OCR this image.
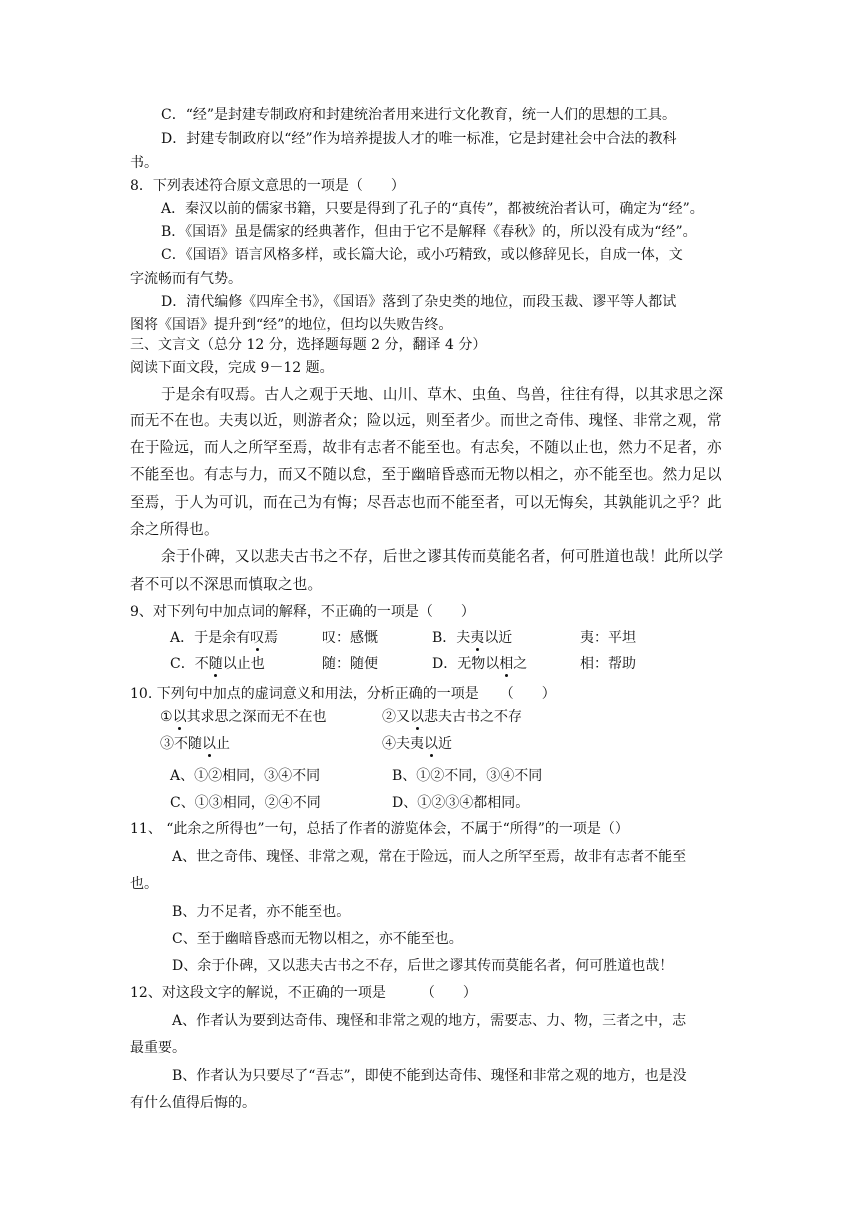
C．“经”是封建专制政府和封建统治者用来进行文化教育，统一人们的思想的工具。
D．封建专制政府以“经”作为培养提拔人才的唯一标准，它是封建社会中合法的教科
书。
8．下列表述符合原文意思的一项是（　　）
A．秦汉以前的儒家书籍，只要是得到了孔子的“真传”，都被统治者认可，确定为“经”。
B．《国语》虽是儒家的经典著作，但由于它不是解释《春秋》的，所以没有成为“经”。
C．《国语》语言风格多样，或长篇大论，或小巧精致，或以修辞见长，自成一体，文
字流畅而有气势。
D．清代编修《四库全书》，《国语》落到了杂史类的地位，而段玉裁、谬平等人都试
图将《国语》提升到“经”的地位，但均以失败告终。
三、文言文（总分 12 分，选择题每题 2 分，翻译 4 分）
阅读下面文段，完成 9－12 题。
于是余有叹焉。古人之观于天地、山川、草木、虫鱼、鸟兽，往往有得，以其求思之深
而无不在也。夫夷以近，则游者众；险以远，则至者少。而世之奇伟、瑰怪、非常之观，常
在于险远，而人之所罕至焉，故非有志者不能至也。有志矣，不随以止也，然力不足者，亦
不能至也。有志与力，而又不随以怠，至于幽暗昏惑而无物以相之，亦不能至也。然力足以
至焉，于人为可讥，而在己为有悔；尽吾志也而不能至者，可以无悔矣，其孰能讥之乎？此
余之所得也。
余于仆碑，又以悲夫古书之不存，后世之谬其传而莫能名者，何可胜道也哉！此所以学
者不可以不深思而慎取之也。
9、对下列句中加点词的解释，不正确的一项是（　　）
A．于是余有叹焉	叹：感慨	B．夫夷以近	夷：平坦
C．不随以止也	随：随便	D．无物以相之	相：帮助
10. 下列句中加点的虚词意义和用法，分析正确的一项是　　（　　）
①以其求思之深而无不在也	②又以悲夫古书之不存
③不随以止	④夫夷以近
A、①②相同，③④不同	B、①②不同，③④不同
C、①③相同，②④不同	D、①②③④都相同。
11、 “此余之所得也”一句，总括了作者的游览体会，不属于“所得”的一项是（）
A、世之奇伟、瑰怪、非常之观，常在于险远，而人之所罕至焉，故非有志者不能至
也。
B、力不足者，亦不能至也。
C、至于幽暗昏惑而无物以相之，亦不能至也。
D、余于仆碑，又以悲夫古书之不存，后世之谬其传而莫能名者，何可胜道也哉！
12、对这段文字的解说，不正确的一项是　　　（　　）
A、作者认为要到达奇伟、瑰怪和非常之观的地方，需要志、力、物，三者之中，志
最重要。
B、作者认为只要尽了“吾志”，即使不能到达奇伟、瑰怪和非常之观的地方，也是没
有什么值得后悔的。
